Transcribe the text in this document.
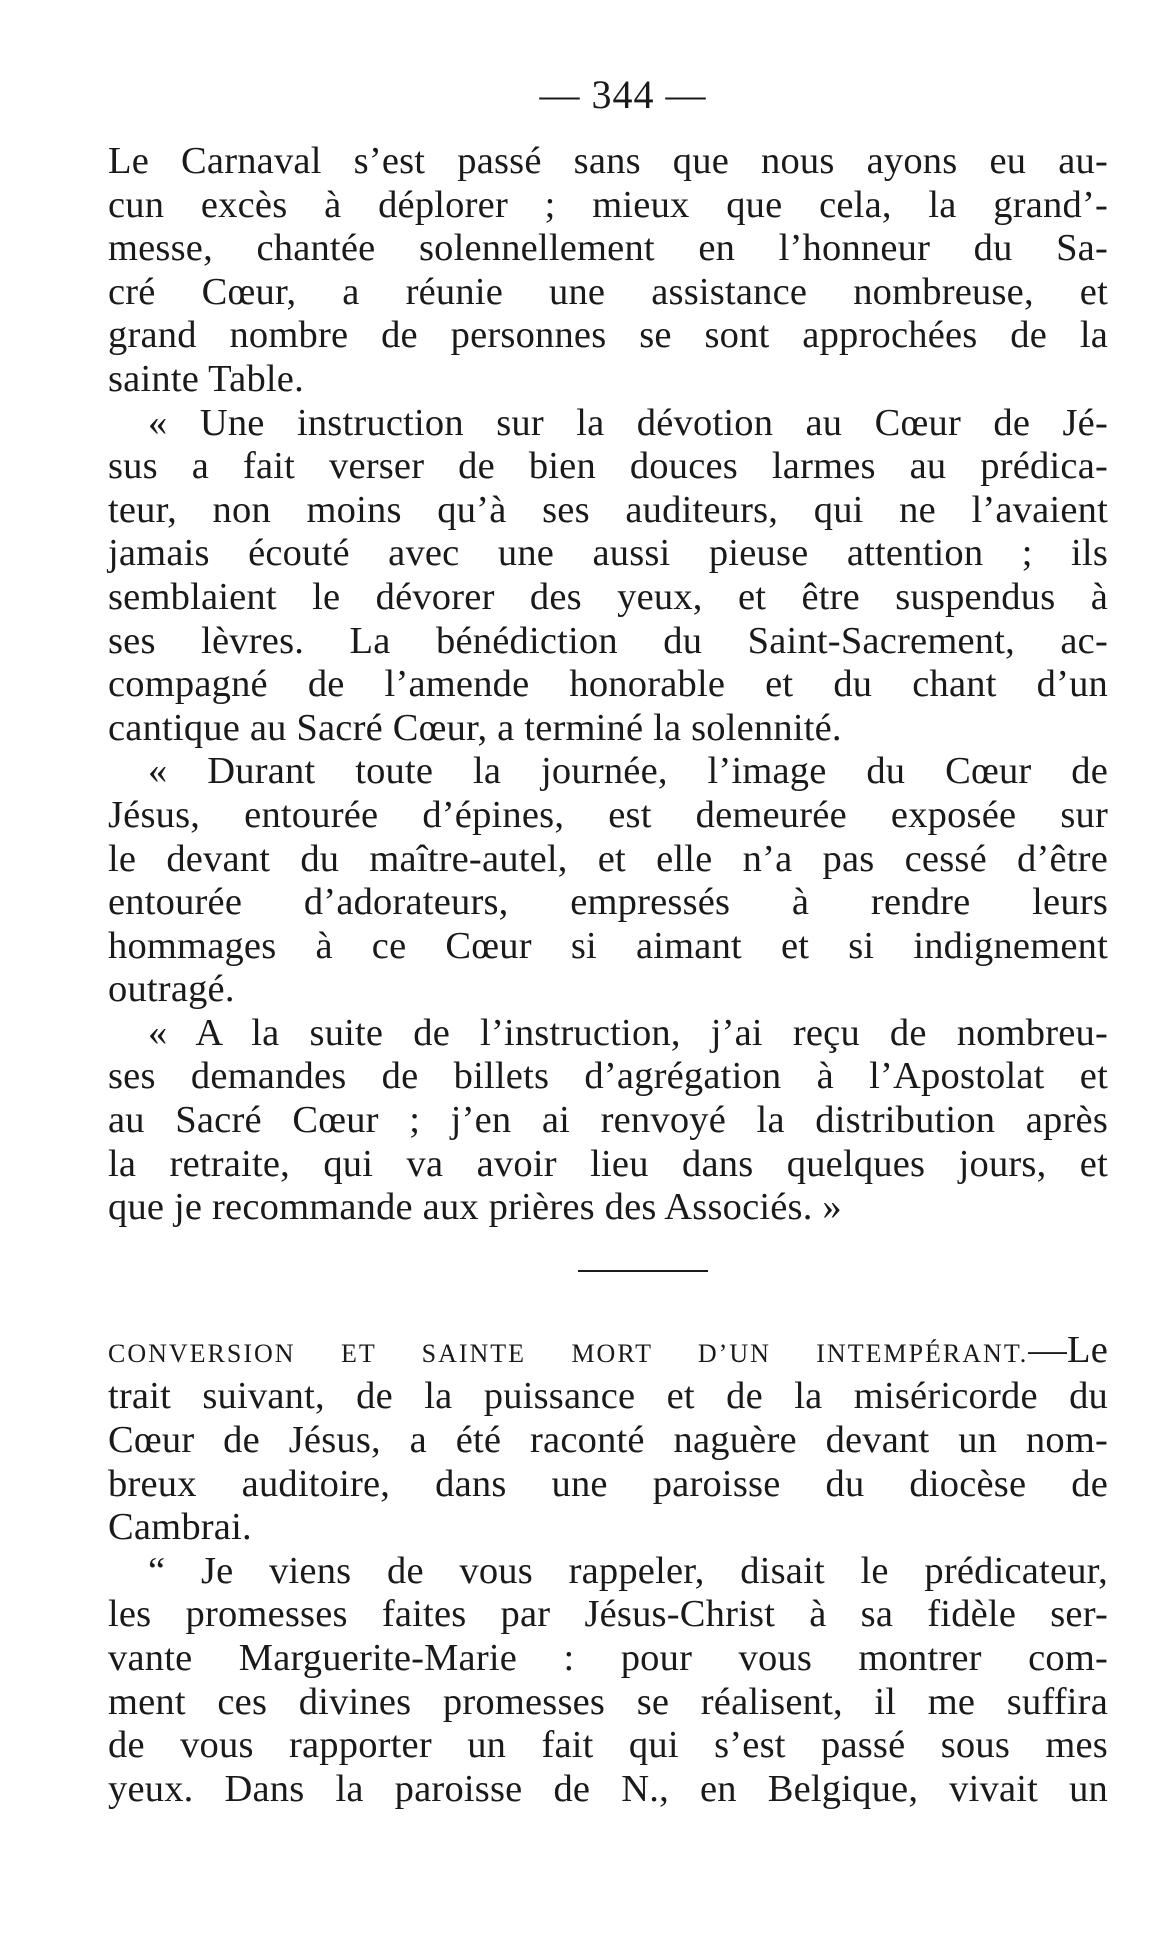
— 344 —
Le Carnaval s’est passé sans que nous ayons eu au-
cun excès à déplorer ; mieux que cela, la grand’-
messe, chantée solennellement en l’honneur du Sa-
cré Cœur, a réunie une assistance nombreuse, et
grand nombre de personnes se sont approchées de la
sainte Table.
« Une instruction sur la dévotion au Cœur de Jé-
sus a fait verser de bien douces larmes au prédica-
teur, non moins qu’à ses auditeurs, qui ne l’avaient
jamais écouté avec une aussi pieuse attention ; ils
semblaient le dévorer des yeux, et être suspendus à
ses lèvres. La bénédiction du Saint-Sacrement, ac-
compagné de l’amende honorable et du chant d’un
cantique au Sacré Cœur, a terminé la solennité.
« Durant toute la journée, l’image du Cœur de
Jésus, entourée d’épines, est demeurée exposée sur
le devant du maître-autel, et elle n’a pas cessé d’être
entourée d’adorateurs, empressés à rendre leurs
hommages à ce Cœur si aimant et si indignement
outragé.
« A la suite de l’instruction, j’ai reçu de nombreu-
ses demandes de billets d’agrégation à l’Apostolat et
au Sacré Cœur ; j’en ai renvoyé la distribution après
la retraite, qui va avoir lieu dans quelques jours, et
que je recommande aux prières des Associés. »
CONVERSION ET SAINTE MORT D’UN INTEMPÉRANT.—Le
trait suivant, de la puissance et de la miséricorde du
Cœur de Jésus, a été raconté naguère devant un nom-
breux auditoire, dans une paroisse du diocèse de
Cambrai.
“ Je viens de vous rappeler, disait le prédicateur,
les promesses faites par Jésus-Christ à sa fidèle ser-
vante Marguerite-Marie : pour vous montrer com-
ment ces divines promesses se réalisent, il me suffira
de vous rapporter un fait qui s’est passé sous mes
yeux. Dans la paroisse de N., en Belgique, vivait un
